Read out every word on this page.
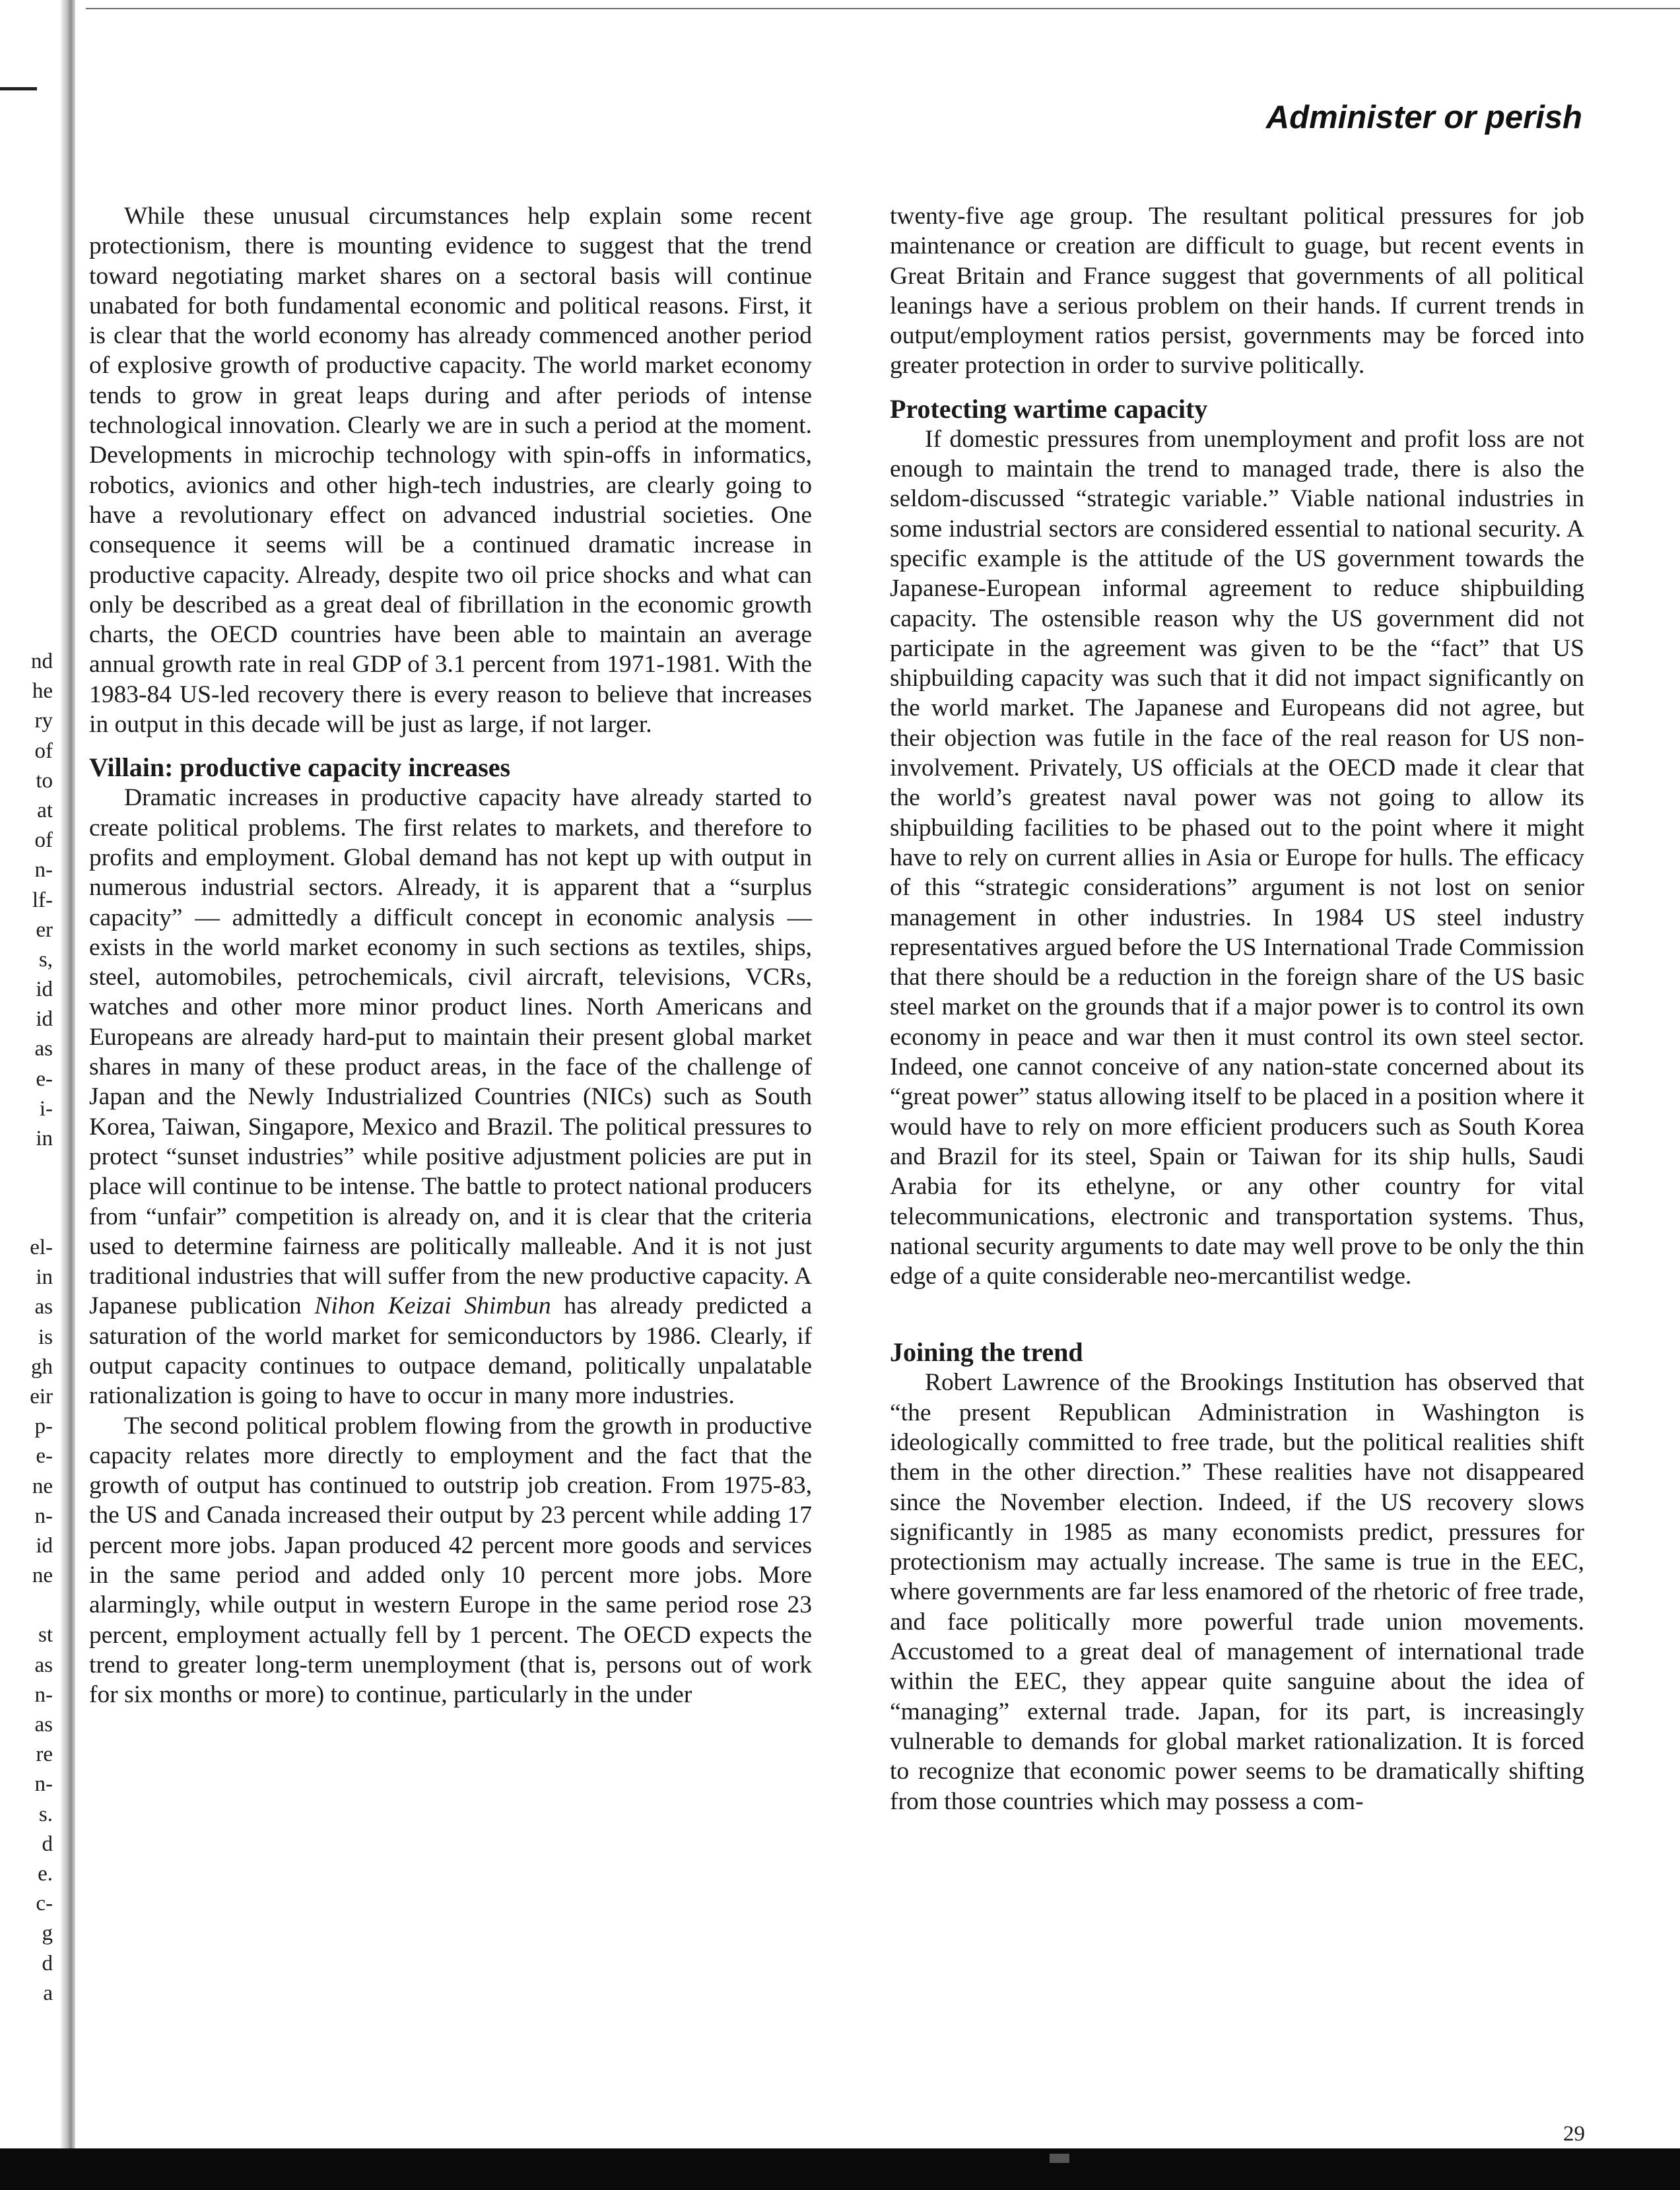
nd
he
ry
of
to
at
of
n-
lf-
er
s,
id
id
as
e-
i-
in
el-
in
as
is
gh
eir
p-
e-
ne
n-
id
ne
st
as
n-
as
re
n-
s.
d
e.
c-
g
d
a
Administer or perish

While these unusual circumstances help explain some recent protectionism, there is mounting evidence to suggest that the trend toward negotiating market shares on a sectoral basis will continue unabated for both fundamental economic and political reasons. First, it is clear that the world economy has already commenced another period of explosive growth of productive capacity. The world market economy tends to grow in great leaps during and after periods of intense technological innovation. Clearly we are in such a period at the moment. Developments in microchip technology with spin-offs in informatics, robotics, avionics and other high-tech industries, are clearly going to have a revolutionary effect on advanced industrial societies. One consequence it seems will be a continued dramatic increase in productive capacity. Already, despite two oil price shocks and what can only be described as a great deal of fibrillation in the economic growth charts, the OECD countries have been able to maintain an average annual growth rate in real GDP of 3.1 percent from 1971-1981. With the 1983-84 US-led recovery there is every reason to believe that increases in output in this decade will be just as large, if not larger.

Villain: productive capacity increases

Dramatic increases in productive capacity have already started to create political problems. The first relates to markets, and therefore to profits and employment. Global demand has not kept up with output in numerous industrial sectors. Already, it is apparent that a “surplus capacity” — admittedly a difficult concept in economic analysis — exists in the world market economy in such sections as textiles, ships, steel, automobiles, petrochemicals, civil aircraft, televisions, VCRs, watches and other more minor product lines. North Americans and Europeans are already hard-put to maintain their present global market shares in many of these product areas, in the face of the challenge of Japan and the Newly Industrialized Countries (NICs) such as South Korea, Taiwan, Singapore, Mexico and Brazil. The political pressures to protect “sunset industries” while positive adjustment policies are put in place will continue to be intense. The battle to protect national producers from “unfair” competition is already on, and it is clear that the criteria used to determine fairness are politically malleable. And it is not just traditional industries that will suffer from the new productive capacity. A Japanese publication Nihon Keizai Shimbun has already predicted a saturation of the world market for semiconductors by 1986. Clearly, if output capacity continues to outpace demand, politically unpalatable rationalization is going to have to occur in many more industries.

The second political problem flowing from the growth in productive capacity relates more directly to employment and the fact that the growth of output has continued to outstrip job creation. From 1975-83, the US and Canada increased their output by 23 percent while adding 17 percent more jobs. Japan produced 42 percent more goods and services in the same period and added only 10 percent more jobs. More alarmingly, while output in western Europe in the same period rose 23 percent, employment actually fell by 1 percent. The OECD expects the trend to greater long-term unemployment (that is, persons out of work for six months or more) to continue, particularly in the under

twenty-five age group. The resultant political pressures for job maintenance or creation are difficult to guage, but recent events in Great Britain and France suggest that governments of all political leanings have a serious problem on their hands. If current trends in output/employment ratios persist, governments may be forced into greater protection in order to survive politically.

Protecting wartime capacity

If domestic pressures from unemployment and profit loss are not enough to maintain the trend to managed trade, there is also the seldom-discussed “strategic variable.” Viable national industries in some industrial sectors are considered essential to national security. A specific example is the attitude of the US government towards the Japanese-European informal agreement to reduce shipbuilding capacity. The ostensible reason why the US government did not participate in the agreement was given to be the “fact” that US shipbuilding capacity was such that it did not impact significantly on the world market. The Japanese and Europeans did not agree, but their objection was futile in the face of the real reason for US non-involvement. Privately, US officials at the OECD made it clear that the world’s greatest naval power was not going to allow its shipbuilding facilities to be phased out to the point where it might have to rely on current allies in Asia or Europe for hulls. The efficacy of this “strategic considerations” argument is not lost on senior management in other industries. In 1984 US steel industry representatives argued before the US International Trade Commission that there should be a reduction in the foreign share of the US basic steel market on the grounds that if a major power is to control its own economy in peace and war then it must control its own steel sector. Indeed, one cannot conceive of any nation-state concerned about its “great power” status allowing itself to be placed in a position where it would have to rely on more efficient producers such as South Korea and Brazil for its steel, Spain or Taiwan for its ship hulls, Saudi Arabia for its ethelyne, or any other country for vital telecommunications, electronic and transportation systems. Thus, national security arguments to date may well prove to be only the thin edge of a quite considerable neo-mercantilist wedge.

Joining the trend

Robert Lawrence of the Brookings Institution has observed that “the present Republican Administration in Washington is ideologically committed to free trade, but the political realities shift them in the other direction.” These realities have not disappeared since the November election. Indeed, if the US recovery slows significantly in 1985 as many economists predict, pressures for protectionism may actually increase. The same is true in the EEC, where governments are far less enamored of the rhetoric of free trade, and face politically more powerful trade union movements. Accustomed to a great deal of management of international trade within the EEC, they appear quite sanguine about the idea of “managing” external trade. Japan, for its part, is increasingly vulnerable to demands for global market rationalization. It is forced to recognize that economic power seems to be dramatically shifting from those countries which may possess a com-

29
